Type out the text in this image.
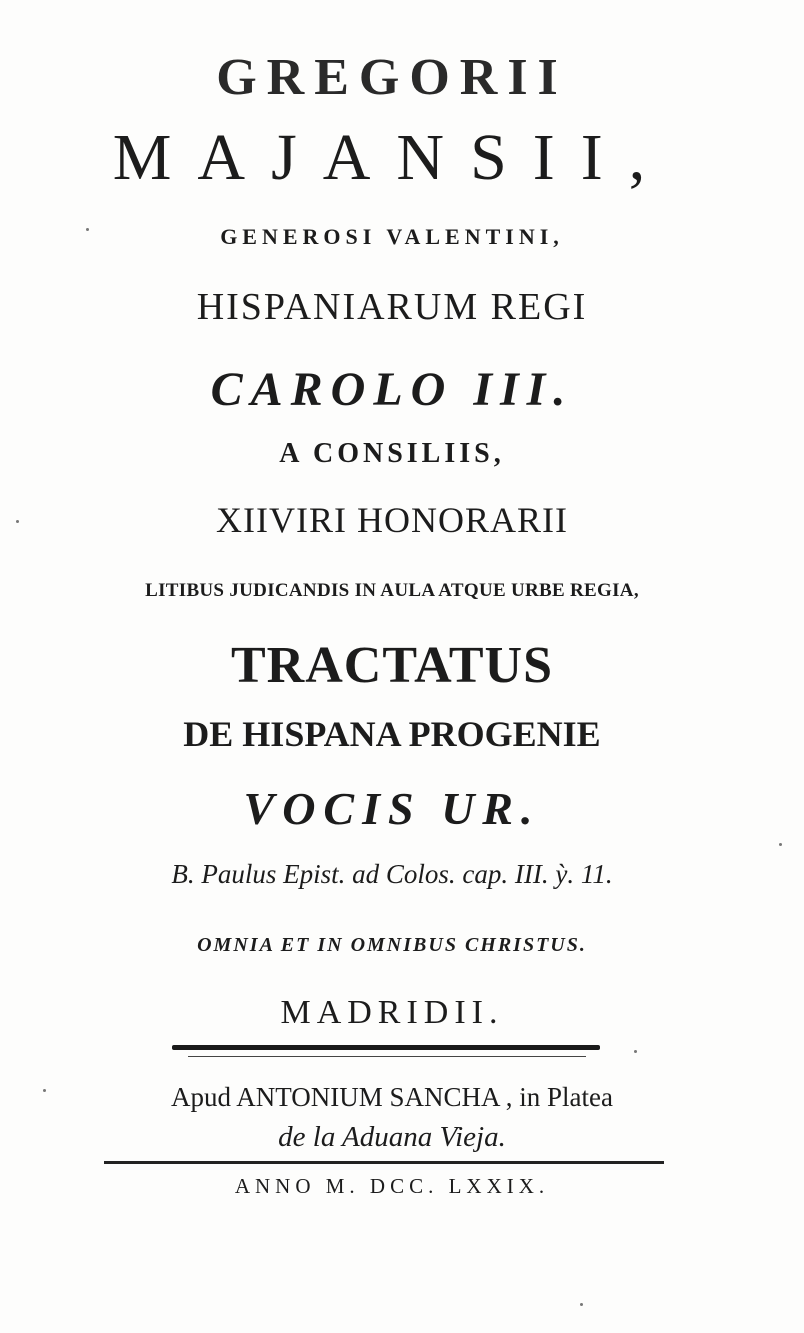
GREGORII
MAJANSII,
GENEROSI VALENTINI,
HISPANIARUM REGI
CAROLO III.
A CONSILIIS,
XIIVIRI HONORARII
LITIBUS JUDICANDIS IN AULA ATQUE URBE REGIA,
TRACTATUS
DE HISPANA PROGENIE
VOCIS UR.
B. Paulus Epist. ad Colos. cap. III. ỳ. 11.
OMNIA ET IN OMNIBUS CHRISTUS.
MADRIDII.
Apud ANTONIUM SANCHA , in Platea
de la Aduana Vieja.
ANNO M. DCC. LXXIX.
